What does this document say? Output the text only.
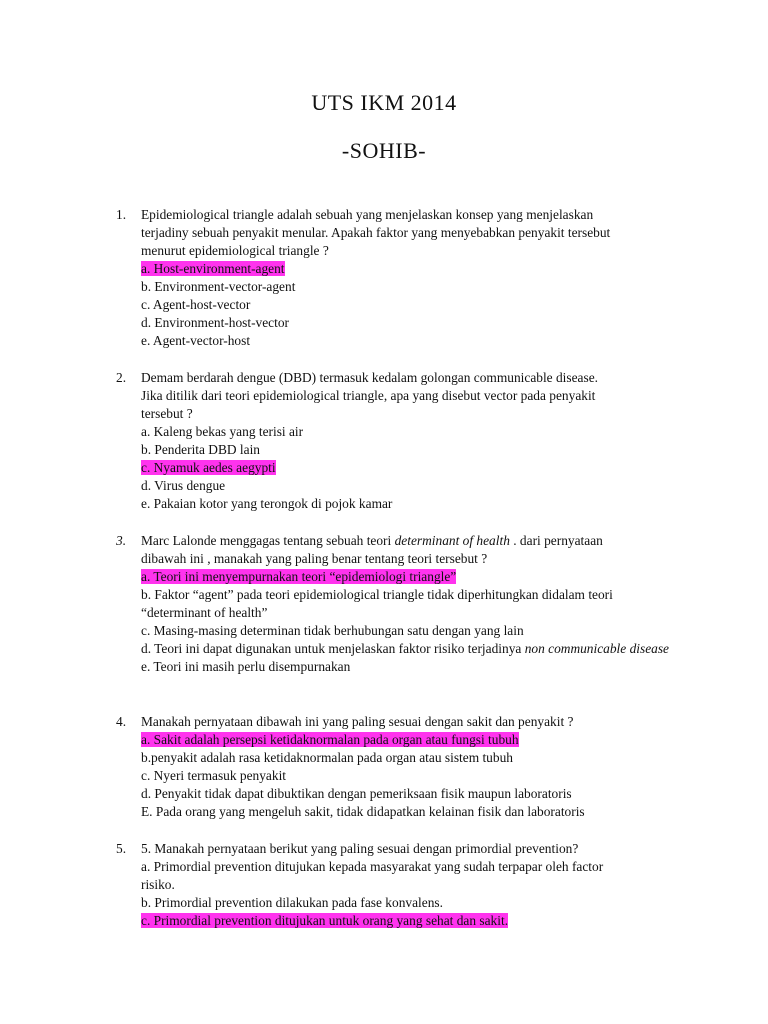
UTS IKM 2014
-SOHIB-
1. Epidemiological triangle adalah sebuah yang menjelaskan konsep yang menjelaskan
terjadiny sebuah penyakit menular. Apakah faktor yang menyebabkan penyakit tersebut
menurut epidemiological triangle ?
a. Host-environment-agent
b. Environment-vector-agent
c. Agent-host-vector
d. Environment-host-vector
e. Agent-vector-host
2. Demam berdarah dengue (DBD) termasuk kedalam golongan communicable disease.
Jika ditilik dari teori epidemiological triangle, apa yang disebut vector pada penyakit
tersebut ?
a. Kaleng bekas yang terisi air
b. Penderita DBD lain
c. Nyamuk aedes aegypti
d. Virus dengue
e. Pakaian kotor yang terongok di pojok kamar
3. Marc Lalonde menggagas tentang sebuah teori determinant of health . dari pernyataan
dibawah ini , manakah yang paling benar tentang teori tersebut ?
a. Teori ini menyempurnakan teori “epidemiologi triangle”
b. Faktor “agent” pada teori epidemiological triangle tidak diperhitungkan didalam teori
“determinant of health”
c. Masing-masing determinan tidak berhubungan satu dengan yang lain
d. Teori ini dapat digunakan untuk menjelaskan faktor risiko terjadinya non communicable disease
e. Teori ini masih perlu disempurnakan
4. Manakah pernyataan dibawah ini yang paling sesuai dengan sakit dan penyakit ?
a. Sakit adalah persepsi ketidaknormalan pada organ atau fungsi tubuh
b.penyakit adalah rasa ketidaknormalan pada organ atau sistem tubuh
c. Nyeri termasuk penyakit
d. Penyakit tidak dapat dibuktikan dengan pemeriksaan fisik maupun laboratoris
E. Pada orang yang mengeluh sakit, tidak didapatkan kelainan fisik dan laboratoris
5. 5. Manakah pernyataan berikut yang paling sesuai dengan primordial prevention?
a. Primordial prevention ditujukan kepada masyarakat yang sudah terpapar oleh factor
risiko.
b. Primordial prevention dilakukan pada fase konvalens.
c. Primordial prevention ditujukan untuk orang yang sehat dan sakit.
